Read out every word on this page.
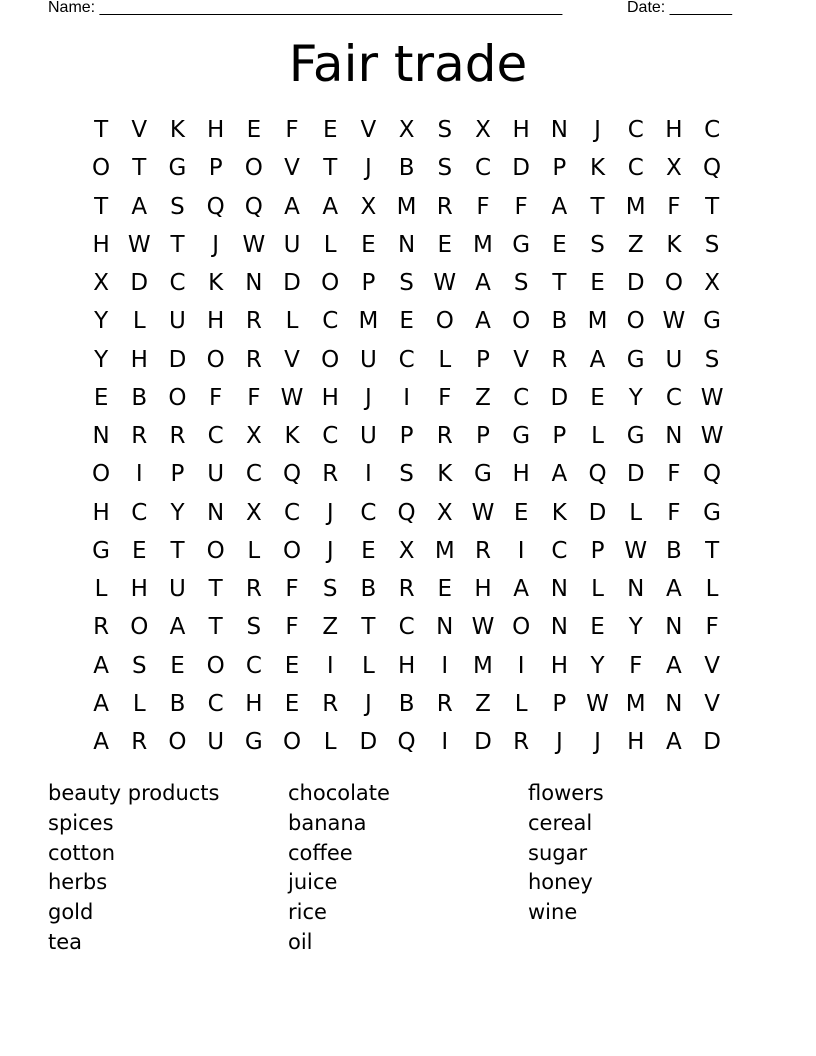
Name: ____________________________________________________	Date: _______
Fair trade
T	V K H E	F	E	V X	S	X H N	J	C H C
O T G P O V	T	J	B S C D P	K C X Q
T	A	S Q Q A A X M R	F	F	A	T M F	T
H W T	J	W U	L	E N E M G E	S	Z K	S
X D C K N D O P	S W A	S	T	E D O X
Y	L	U H R	L	C M E O A O B M O W G
Y H D O R V O U C	L	P	V R A G U S
E	B O F	F W H	J	I	F	Z C D E	Y	C W
N R R C X K C U P	R	P G P	L G N W
O	I	P U C Q R	I	S	K G H A Q D F Q
H C	Y N X C	J	C Q X W E	K D L	F G
G E	T O L O	J	E	X M R	I	C	P W B	T
L	H U T	R	F	S	B R E H A N	L	N A	L
R O A	T	S	F	Z	T	C N W O N E	Y N F
A	S	E O C E	I	L	H	I	M	I	H Y	F	A V
A	L	B C H E R	J	B R Z	L	P W M N V
A R O U G O L D Q	I	D R	J	J	H A D
beauty products
spices
cotton
herbs
gold
tea
chocolate
banana
coffee
juice
rice
oil
flowers
cereal
sugar
honey
wine
